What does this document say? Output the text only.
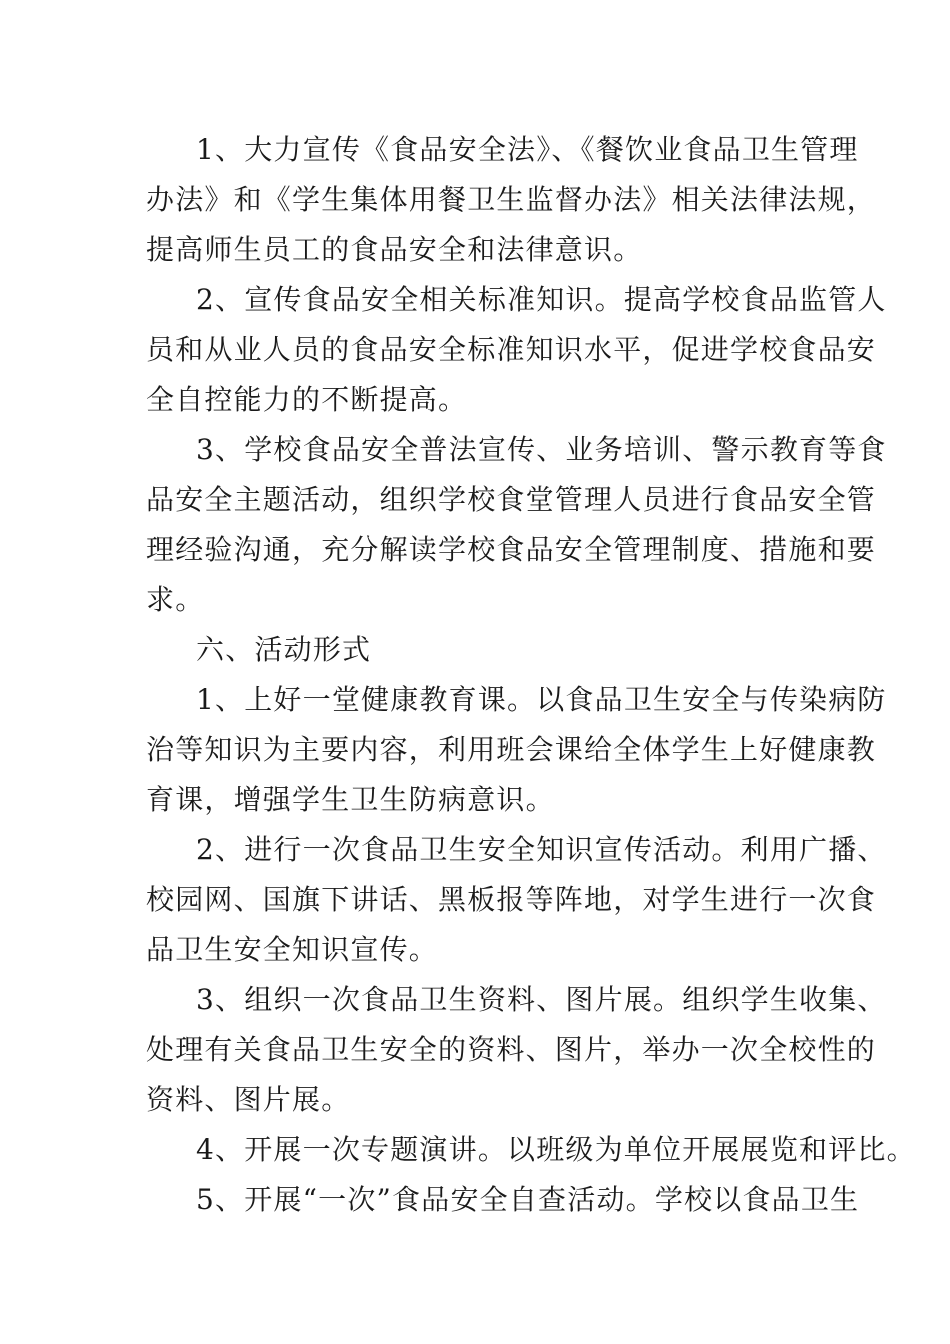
1、大力宣传《食品安全法》、《餐饮业食品卫生管理
办法》和《学生集体用餐卫生监督办法》相关法律法规，
提高师生员工的食品安全和法律意识。
2、宣传食品安全相关标准知识。提高学校食品监管人
员和从业人员的食品安全标准知识水平，促进学校食品安
全自控能力的不断提高。
3、学校食品安全普法宣传、业务培训、警示教育等食
品安全主题活动，组织学校食堂管理人员进行食品安全管
理经验沟通，充分解读学校食品安全管理制度、措施和要
求。
六、活动形式
1、上好一堂健康教育课。以食品卫生安全与传染病防
治等知识为主要内容，利用班会课给全体学生上好健康教
育课，增强学生卫生防病意识。
2、进行一次食品卫生安全知识宣传活动。利用广播、
校园网、国旗下讲话、黑板报等阵地，对学生进行一次食
品卫生安全知识宣传。
3、组织一次食品卫生资料、图片展。组织学生收集、
处理有关食品卫生安全的资料、图片，举办一次全校性的
资料、图片展。
4、开展一次专题演讲。以班级为单位开展展览和评比。
5、开展“一次”食品安全自查活动。学校以食品卫生
